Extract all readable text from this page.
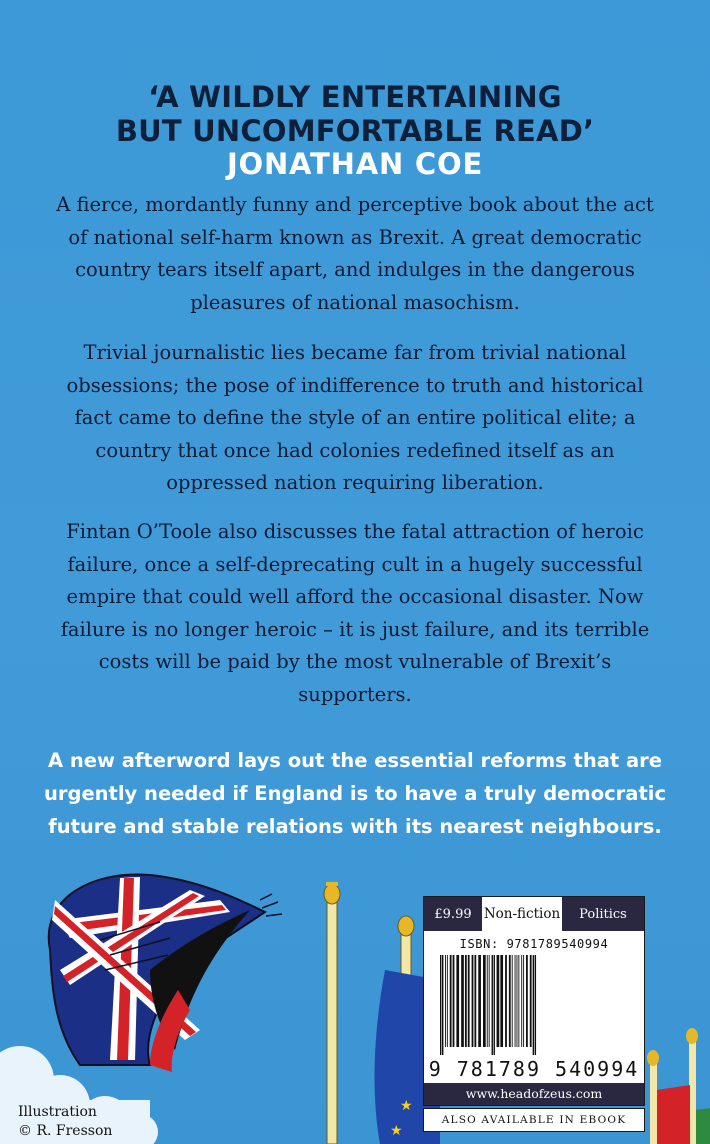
‘A WILDLY ENTERTAINING
BUT UNCOMFORTABLE READ’
JONATHAN COE

A fierce, mordantly funny and perceptive book about the act of national self-harm known as Brexit. A great democratic country tears itself apart, and indulges in the dangerous pleasures of national masochism.

Trivial journalistic lies became far from trivial national obsessions; the pose of indifference to truth and historical fact came to define the style of an entire political elite; a country that once had colonies redefined itself as an oppressed nation requiring liberation.

Fintan O’Toole also discusses the fatal attraction of heroic failure, once a self-deprecating cult in a hugely successful empire that could well afford the occasional disaster. Now failure is no longer heroic – it is just failure, and its terrible costs will be paid by the most vulnerable of Brexit’s supporters.

A new afterword lays out the essential reforms that are urgently needed if England is to have a truly democratic future and stable relations with its nearest neighbours.

★
★
Illustration
© R. Fresson
£9.99 Non-fiction	Politics
ISBN: 9781789540994
9 781789 540994
www.headofzeus.com
ALSO AVAILABLE IN EBOOK
